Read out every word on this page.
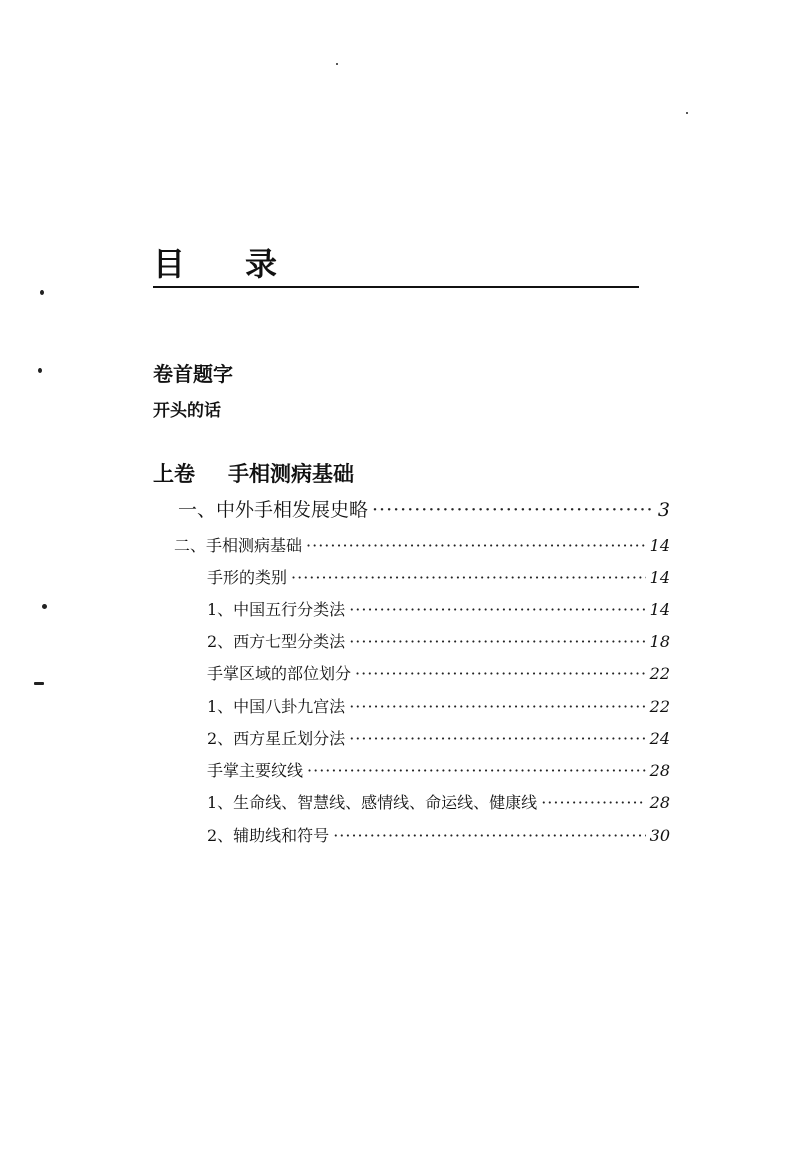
目 录
卷首题字
开头的话
上卷 手相测病基础
一、中外手相发展史略 ·····	3
二、手相测病基础 ·····	14
手形的类别 ·····	14
1、中国五行分类法 ·····	14
2、西方七型分类法 ·····	18
手掌区域的部位划分 ·····	22
1、中国八卦九宫法 ·····	22
2、西方星丘划分法 ·····	24
手掌主要纹线 ·····	28
1、生命线、智慧线、感情线、命运线、健康线 ·····	28
2、辅助线和符号 ·····	30
